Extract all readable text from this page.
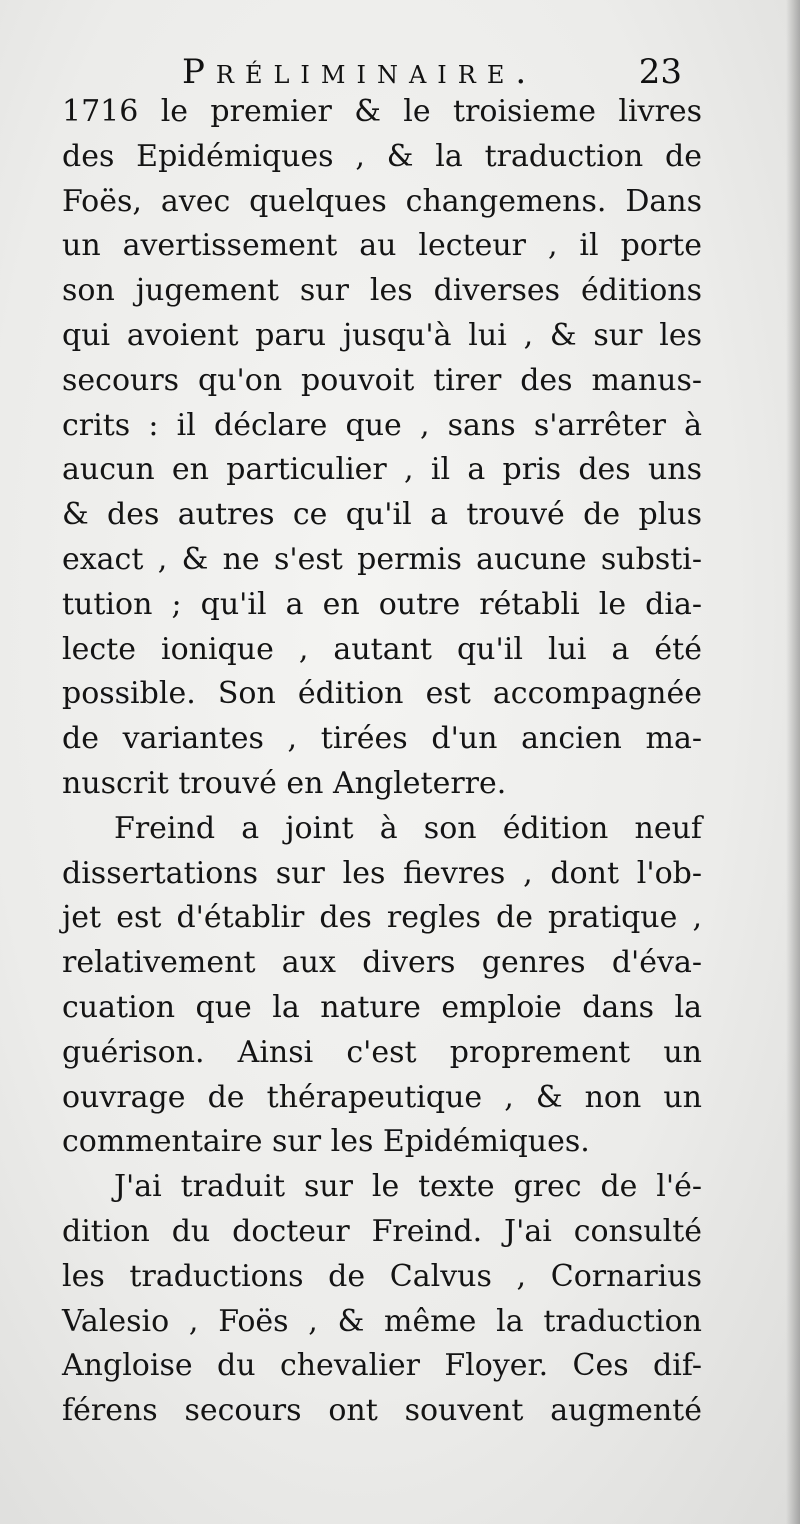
Préliminaire.	23
1716 le premier & le troisieme livres
des Epidémiques , & la traduction de
Foës, avec quelques changemens. Dans
un avertissement au lecteur , il porte
son jugement sur les diverses éditions
qui avoient paru jusqu'à lui , & sur les
secours qu'on pouvoit tirer des manus-
crits : il déclare que , sans s'arrêter à
aucun en particulier , il a pris des uns
& des autres ce qu'il a trouvé de plus
exact , & ne s'est permis aucune substi-
tution ; qu'il a en outre rétabli le dia-
lecte ionique , autant qu'il lui a été
possible. Son édition est accompagnée
de variantes , tirées d'un ancien ma-
nuscrit trouvé en Angleterre.
Freind a joint à son édition neuf
dissertations sur les fievres , dont l'ob-
jet est d'établir des regles de pratique ,
relativement aux divers genres d'éva-
cuation que la nature emploie dans la
guérison. Ainsi c'est proprement un
ouvrage de thérapeutique , & non un
commentaire sur les Epidémiques.
J'ai traduit sur le texte grec de l'é-
dition du docteur Freind. J'ai consulté
les traductions de Calvus , Cornarius
Valesio , Foës , & même la traduction
Angloise du chevalier Floyer. Ces dif-
férens secours ont souvent augmenté
